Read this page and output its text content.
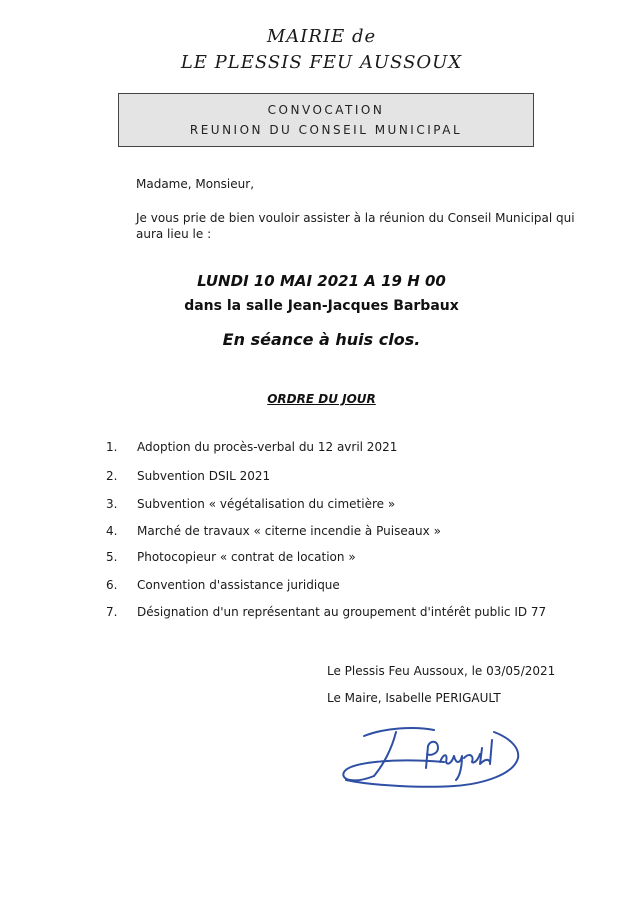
MAIRIE de
LE PLESSIS FEU AUSSOUX
CONVOCATION
REUNION DU CONSEIL MUNICIPAL
Madame, Monsieur,
Je vous prie de bien vouloir assister à la réunion du Conseil Municipal qui
aura lieu le :
LUNDI 10 MAI 2021 A 19 H 00
dans la salle Jean-Jacques Barbaux
En séance à huis clos.
ORDRE DU JOUR
1. Adoption du procès-verbal du 12 avril 2021
2. Subvention DSIL 2021
3. Subvention « végétalisation du cimetière »
4. Marché de travaux « citerne incendie à Puiseaux »
5. Photocopieur « contrat de location »
6. Convention d'assistance juridique
7. Désignation d'un représentant au groupement d'intérêt public ID 77
Le Plessis Feu Aussoux, le 03/05/2021
Le Maire, Isabelle PERIGAULT
